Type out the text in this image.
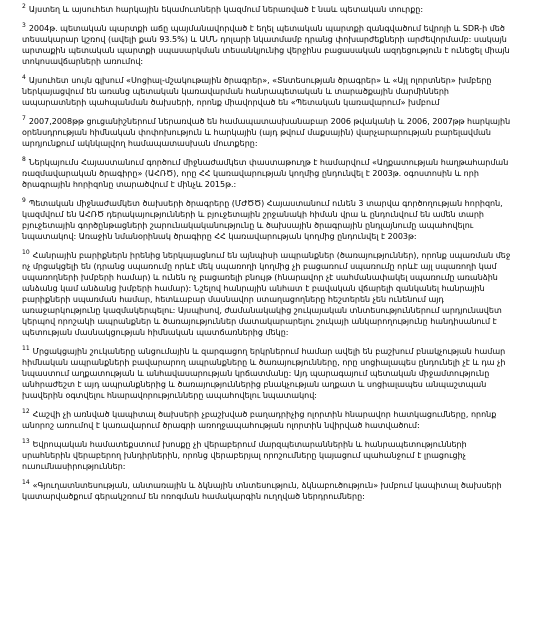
$^2$ Այստեղ և այսուհետ հարկային եկամուտների կազմում ներառված է նաև պետական տուրքը:

$^3$ 2004թ. պետական պարտքի աճը պայմանավորված է եղել պետական պարտքի զանգվածում եվրոյի և SDR-ի մեծ տեսակարար կշռով (ավելի քան 93.5%) և ԱՄՆ դոլարի նկատմամբ դրանց փոխարժեքների արժեվորմամբ: սակայն արտաքին պետական պարտքի սպասարկման տեսանկյունից վերջինս բացասական ազդեցություն է ունեցել միայն տոկոսավճարների առումով:

$^4$ Այսուհետ սույն գլխում «Սոցիալ-մշակութային ծրագրեր», «Տնտեսության ծրագրեր» և «Այլ ոլորտներ» խմբերը ներկայացվում են առանց պետական կառավարման հանրապետական և տարածքային մարմինների ապարատների պահպանման ծախսերի, որոնք միավորված են «Պետական կառավարում» խմբում

$^7$ 2007,2008թթ ցուցանիշներում ներառված են համապատասխանաբար 2006 թվականի և 2006, 2007թթ հարկային օրենսդրության հիմնական փոփոխություն և հարկային (այդ թվում մաքսային) վարչարարության բարելավման արդյունքում ակնկալվող համապատասխան մուտքերը:

$^8$ Ներկայումս Հայաստանում գործում միջնաժամկետ փաստաթուղթ է համարվում «Աղքատության հաղթահարման ռազմավարական ծրագիրը» (ԱՀՌԾ), որը ՀՀ կառավարության կողմից ընդունվել է 2003թ. օգոստոսին և որի ծրագրային հորիզոնը տարածվում է մինչև 2015թ.:

$^9$ Պետական միջնաժամկետ ծախսերի ծրագրերը (ՄԺԾԾ) Հայաստանում ունեն 3 տարվա գործողության հորիզոն, կազմվում են ԱՀՌԾ դերակայությունների և բյուջետային շրջանակի հիման վրա և ընդունվում են ամեն տարի բյուջետային գործընթացների շարունակականությունը և ծախսային ծրագրային ընդլայնումը ապահովելու նպատակով: Առաջին նմանօրինակ ծրագիրը ՀՀ կառավարության կողմից ընդունվել է 2003թ:

$^{10}$ Հանրային բարիքներն իրենից ներկայացնում են այնպիսի ապրանքներ (ծառայություններ), որոնք սպառման մեջ ոչ մրցակցելի են (դրանց սպառումը որևէ մեկ սպառողի կողմից չի բացառում սպառումը որևէ այլ սպառողի կամ սպառողների խմբերի համար) և ունեն ոչ բացառելի բնույթ (հնարավոր չէ սահմանափակել սպառումը առանձին անձանց կամ անձանց խմբերի համար): Նշելով հանրային անհատ է բավական վճարելի զանկանել հանրային բարիքների սպառման համար, հետևաբար մասնավոր ստաղացողները հեշտերեն չեն ունենում այդ առաջարկությունը կազմակերպելու: Այսպիսով, ժամանակակից շուկայական տնտեսություններում արդյունավետ կերպով որոշակի ապրանքներ և ծառայություններ մատակարարելու շուկայի անկարողությունը հանդիսանում է պետության մասնակցության հիմնական պատճառներից մեկը:

$^{11}$ Մրցակցային շուկաները անցումային և զարգացող երկրներում համար ավելի են բաշխում բնակչության համար հիմնական ապրանքների բավարարող ապրանքները և ծառայությունները, որը սոցիալապես ընդունելի չէ և դա չի նպաստում աղքատության և անհավասարության կրճատմանը: Այդ պարագայում պետական միջամտությունը անհրաժեշտ է այդ ապրանքներից և ծառայություններից բնակչության աղքատ և սոցիալապես անպաշտպան խավերին օգտվելու հնարավորությունները ապահովելու նպատակով:

$^{12}$ Հաշվի չի առնված կապիտալ ծախսերի չբաշխված բաղադրիչից ոլորտին հնարավոր հատկացումները, որոնք անորոշ առումով է կառավարում ծրագրի առողջապահության ոլորտին նվիրված հատվածում:

$^{13}$ Եվրոպական համատեքստում խոսքը չի վերաբերում մարզպետարաններին և հանրապետությունների սրահներին վերաբերող խնդիրներին, որոնց վերաբերյալ որոշումները կայացում պահանջում է լրացուցիչ ուսումնասիրություններ:

$^{14}$ «Գյուղատնտեսության, անտառային և ձկնային տնտեսություն, ձկնաբուծություն» խմբում կապիտալ ծախսերի կատարվածքում գերակշռում են ոռոգման համակարգին ուղղված ներդրումները:
